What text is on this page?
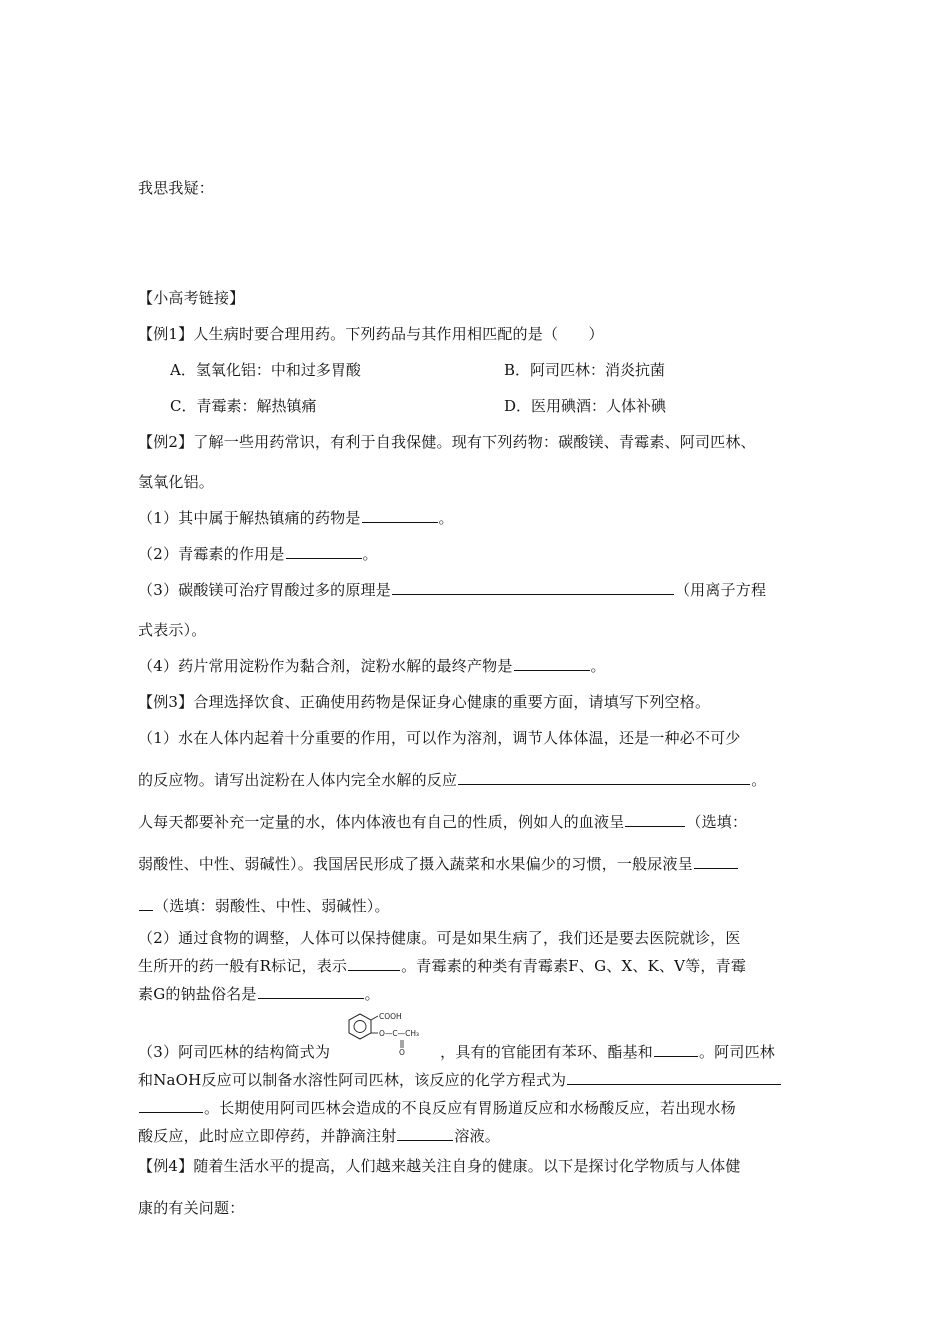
我思我疑：
【小高考链接】
【例1】人生病时要合理用药。下列药品与其作用相匹配的是（　　）
A．氢氧化铝：中和过多胃酸	B．阿司匹林：消炎抗菌
C．青霉素：解热镇痛	D．医用碘酒：人体补碘
【例2】了解一些用药常识，有利于自我保健。现有下列药物：碳酸镁、青霉素、阿司匹林、
氢氧化铝。
（1）其中属于解热镇痛的药物是	。
（2）青霉素的作用是	。
（3）碳酸镁可治疗胃酸过多的原理是	（用离子方程
式表示）。
（4）药片常用淀粉作为黏合剂，淀粉水解的最终产物是	。
【例3】合理选择饮食、正确使用药物是保证身心健康的重要方面，请填写下列空格。
（1）水在人体内起着十分重要的作用，可以作为溶剂，调节人体体温，还是一种必不可少
的反应物。请写出淀粉在人体内完全水解的反应	。
人每天都要补充一定量的水，体内体液也有自己的性质，例如人的血液呈	（选填：
弱酸性、中性、弱碱性）。我国居民形成了摄入蔬菜和水果偏少的习惯，一般尿液呈
（选填：弱酸性、中性、弱碱性）。
（2）通过食物的调整，人体可以保持健康。可是如果生病了，我们还是要去医院就诊，医
生所开的药一般有R标记，表示	。青霉素的种类有青霉素F、G、X、K、V等，青霉
素G的钠盐俗名是	。
COOH
O—C—CH₃
O
（3）阿司匹林的结构简式为	，具有的官能团有苯环、酯基和	。阿司匹林
和NaOH反应可以制备水溶性阿司匹林，该反应的化学方程式为
。长期使用阿司匹林会造成的不良反应有胃肠道反应和水杨酸反应，若出现水杨
酸反应，此时应立即停药，并静滴注射	溶液。
【例4】随着生活水平的提高，人们越来越关注自身的健康。以下是探讨化学物质与人体健
康的有关问题：
